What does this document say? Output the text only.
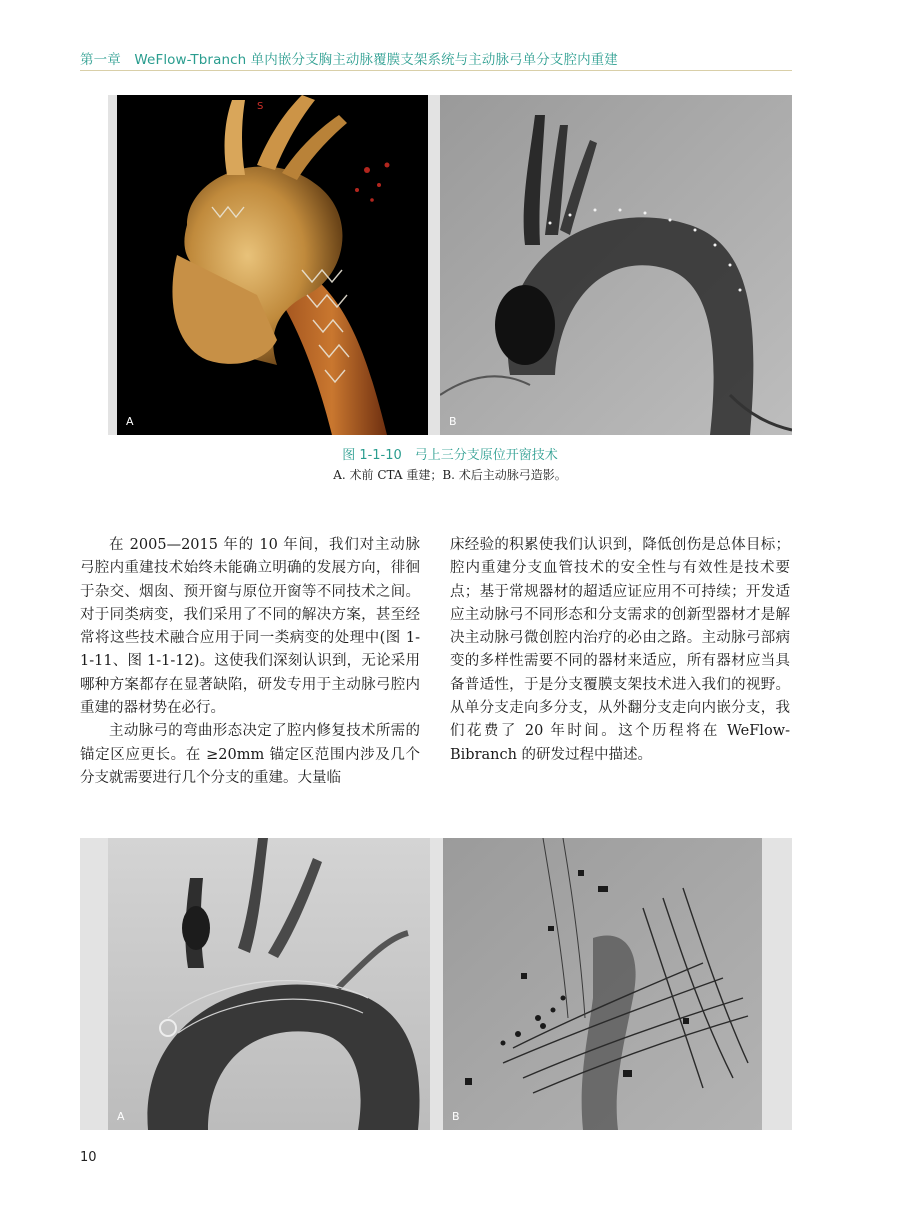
第一章　WeFlow-Tbranch 单内嵌分支胸主动脉覆膜支架系统与主动脉弓单分支腔内重建
S
A	B
图 1-1-10　弓上三分支原位开窗技术
A. 术前 CTA 重建；B. 术后主动脉弓造影。

在 2005—2015 年的 10 年间，我们对主动脉弓腔内重建技术始终未能确立明确的发展方向，徘徊于杂交、烟囱、预开窗与原位开窗等不同技术之间。对于同类病变，我们采用了不同的解决方案，甚至经常将这些技术融合应用于同一类病变的处理中(图 1-1-11、图 1-1-12)。这使我们深刻认识到，无论采用哪种方案都存在显著缺陷，研发专用于主动脉弓腔内重建的器材势在必行。

主动脉弓的弯曲形态决定了腔内修复技术所需的锚定区应更长。在 ≥20mm 锚定区范围内涉及几个分支就需要进行几个分支的重建。大量临

床经验的积累使我们认识到，降低创伤是总体目标；腔内重建分支血管技术的安全性与有效性是技术要点；基于常规器材的超适应证应用不可持续；开发适应主动脉弓不同形态和分支需求的创新型器材才是解决主动脉弓微创腔内治疗的必由之路。主动脉弓部病变的多样性需要不同的器材来适应，所有器材应当具备普适性，于是分支覆膜支架技术进入我们的视野。从单分支走向多分支，从外翻分支走向内嵌分支，我们花费了 20 年时间。这个历程将在 WeFlow-Bibranch 的研发过程中描述。

A	B
10
